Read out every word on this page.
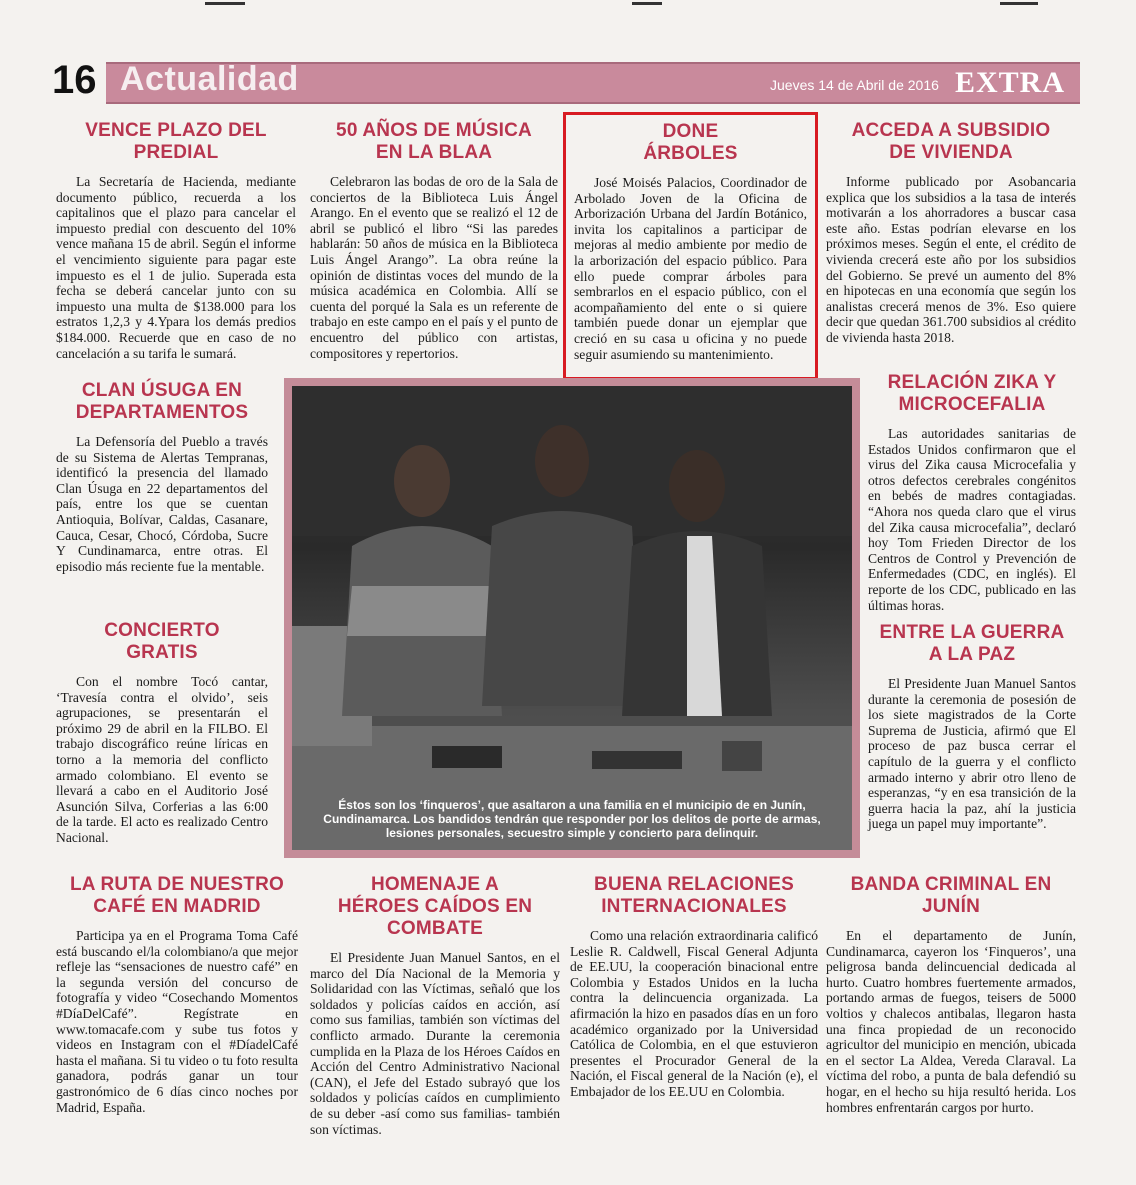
16 Actualidad	Jueves 14 de Abril de 2016 EXTRA
VENCE PLAZO DEL PREDIAL

La Secretaría de Hacienda, mediante documento público, recuerda a los capitalinos que el plazo para cancelar el impuesto predial con descuento del 10% vence mañana 15 de abril. Según el informe el vencimiento siguiente para pagar este impuesto es el 1 de julio. Superada esta fecha se deberá cancelar junto con su impuesto una multa de $138.000 para los estratos 1,2,3 y 4.Ypara los demás predios $184.000. Recuerde que en caso de no cancelación a su tarifa le sumará.

50 AÑOS DE MÚSICA EN LA BLAA

Celebraron las bodas de oro de la Sala de conciertos de la Biblioteca Luis Ángel Arango. En el evento que se realizó el 12 de abril se publicó el libro “Si las paredes hablarán: 50 años de música en la Biblioteca Luis Ángel Arango”. La obra reúne la opinión de distintas voces del mundo de la música académica en Colombia. Allí se cuenta del porqué la Sala es un referente de trabajo en este campo en el país y el punto de encuentro del público con artistas, compositores y repertorios.

DONE ÁRBOLES

José Moisés Palacios, Coordinador de Arbolado Joven de la Oficina de Arborización Urbana del Jardín Botánico, invita los capitalinos a participar de mejoras al medio ambiente por medio de la arborización del espacio público. Para ello puede comprar árboles para sembrarlos en el espacio público, con el acompañamiento del ente o si quiere también puede donar un ejemplar que creció en su casa u oficina y no puede seguir asumiendo su mantenimiento.

ACCEDA A SUBSIDIO DE VIVIENDA

Informe publicado por Asobancaria explica que los subsidios a la tasa de interés motivarán a los ahorradores a buscar casa este año. Estas podrían elevarse en los próximos meses. Según el ente, el crédito de vivienda crecerá este año por los subsidios del Gobierno. Se prevé un aumento del 8% en hipotecas en una economía que según los analistas crecerá menos de 3%. Eso quiere decir que quedan 361.700 subsidios al crédito de vivienda hasta 2018.

CLAN ÚSUGA EN DEPARTAMENTOS

La Defensoría del Pueblo a través de su Sistema de Alertas Tempranas, identificó la presencia del llamado Clan Úsuga en 22 departamentos del país, entre los que se cuentan Antioquia, Bolívar, Caldas, Casanare, Cauca, Cesar, Chocó, Córdoba, Sucre Y Cundinamarca, entre otras. El episodio más reciente fue la mentable.

CONCIERTO GRATIS

Con el nombre Tocó cantar, ‘Travesía contra el olvido’, seis agrupaciones, se presentarán el próximo 29 de abril en la FILBO. El trabajo discográfico reúne líricas en torno a la memoria del conflicto armado colombiano. El evento se llevará a cabo en el Auditorio José Asunción Silva, Corferias a las 6:00 de la tarde. El acto es realizado Centro Nacional.

Éstos son los ‘finqueros’, que asaltaron a una familia en el municipio de en Junín, Cundinamarca. Los bandidos tendrán que responder por los delitos de porte de armas, lesiones personales, secuestro simple y concierto para delinquir.
RELACIÓN ZIKA Y MICROCEFALIA

Las autoridades sanitarias de Estados Unidos confirmaron que el virus del Zika causa Microcefalia y otros defectos cerebrales congénitos en bebés de madres contagiadas. “Ahora nos queda claro que el virus del Zika causa microcefalia”, declaró hoy Tom Frieden Director de los Centros de Control y Prevención de Enfermedades (CDC, en inglés). El reporte de los CDC, publicado en las últimas horas.

ENTRE LA GUERRA A LA PAZ

El Presidente Juan Manuel Santos durante la ceremonia de posesión de los siete magistrados de la Corte Suprema de Justicia, afirmó que El proceso de paz busca cerrar el capítulo de la guerra y el conflicto armado interno y abrir otro lleno de esperanzas, “y en esa transición de la guerra hacia la paz, ahí la justicia juega un papel muy importante”.

LA RUTA DE NUESTRO CAFÉ EN MADRID

Participa ya en el Programa Toma Café está buscando el/la colombiano/a que mejor refleje las “sensaciones de nuestro café” en la segunda versión del concurso de fotografía y video “Cosechando Momentos #DíaDelCafé”. Regístrate en www.tomacafe.com y sube tus fotos y videos en Instagram con el #DíadelCafé hasta el mañana. Si tu video o tu foto resulta ganadora, podrás ganar un tour gastronómico de 6 días cinco noches por Madrid, España.

HOMENAJE A HÉROES CAÍDOS EN COMBATE

El Presidente Juan Manuel Santos, en el marco del Día Nacional de la Memoria y Solidaridad con las Víctimas, señaló que los soldados y policías caídos en acción, así como sus familias, también son víctimas del conflicto armado. Durante la ceremonia cumplida en la Plaza de los Héroes Caídos en Acción del Centro Administrativo Nacional (CAN), el Jefe del Estado subrayó que los soldados y policías caídos en cumplimiento de su deber -así como sus familias- también son víctimas.

BUENA RELACIONES INTERNACIONALES

Como una relación extraordinaria calificó Leslie R. Caldwell, Fiscal General Adjunta de EE.UU, la cooperación binacional entre Colombia y Estados Unidos en la lucha contra la delincuencia organizada. La afirmación la hizo en pasados días en un foro académico organizado por la Universidad Católica de Colombia, en el que estuvieron presentes el Procurador General de la Nación, el Fiscal general de la Nación (e), el Embajador de los EE.UU en Colombia.

BANDA CRIMINAL EN JUNÍN

En el departamento de Junín, Cundinamarca, cayeron los ‘Finqueros’, una peligrosa banda delincuencial dedicada al hurto. Cuatro hombres fuertemente armados, portando armas de fuegos, teisers de 5000 voltios y chalecos antibalas, llegaron hasta una finca propiedad de un reconocido agricultor del municipio en mención, ubicada en el sector La Aldea, Vereda Claraval. La víctima del robo, a punta de bala defendió su hogar, en el hecho su hija resultó herida. Los hombres enfrentarán cargos por hurto.
